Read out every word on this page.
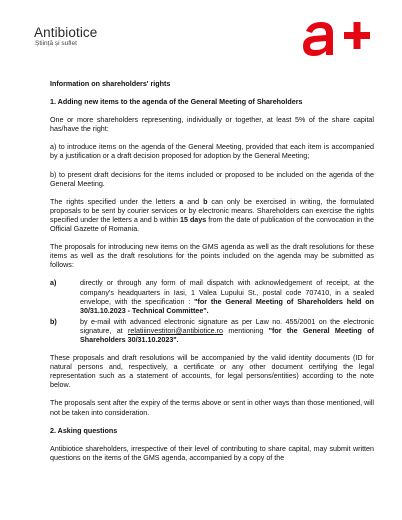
Antibiotice
Știință și suflet
a+

Information on shareholders' rights

1. Adding new items to the agenda of the General Meeting of Shareholders

One or more shareholders representing, individually or together, at least 5% of the share capital has/have the right:

a) to introduce items on the agenda of the General Meeting, provided that each item is accompanied by a justification or a draft decision proposed for adoption by the General Meeting;

b) to present draft decisions for the items included or proposed to be included on the agenda of the General Meeting.

The rights specified under the letters a and b can only be exercised in writing, the formulated proposals to be sent by courier services or by electronic means. Shareholders can exercise the rights specified under the letters a and b within 15 days from the date of publication of the convocation in the Official Gazette of Romania.

The proposals for introducing new items on the GMS agenda as well as the draft resolutions for these items as well as the draft resolutions for the points included on the agenda may be submitted as follows:

a)	directly or through any form of mail dispatch with acknowledgement of receipt, at the company's headquarters in Iasi, 1 Valea Lupului St., postal code 707410, in a sealed envelope, with the specification : "for the General Meeting of Shareholders held on 30/31.10.2023 - Technical Committee".
b)	by e-mail with advanced electronic signature as per Law no. 455/2001 on the electronic signature, at relatiiinvestitori@antibiotice.ro mentioning "for the General Meeting of Shareholders 30/31.10.2023".

These proposals and draft resolutions will be accompanied by the valid identity documents (ID for natural persons and, respectively, a certificate or any other document certifying the legal representation such as a statement of accounts, for legal persons/entities) according to the note below.

The proposals sent after the expiry of the terms above or sent in other ways than those mentioned, will not be taken into consideration.

2. Asking questions

Antibiotice shareholders, irrespective of their level of contributing to share capital, may submit written questions on the items of the GMS agenda, accompanied by a copy of the
